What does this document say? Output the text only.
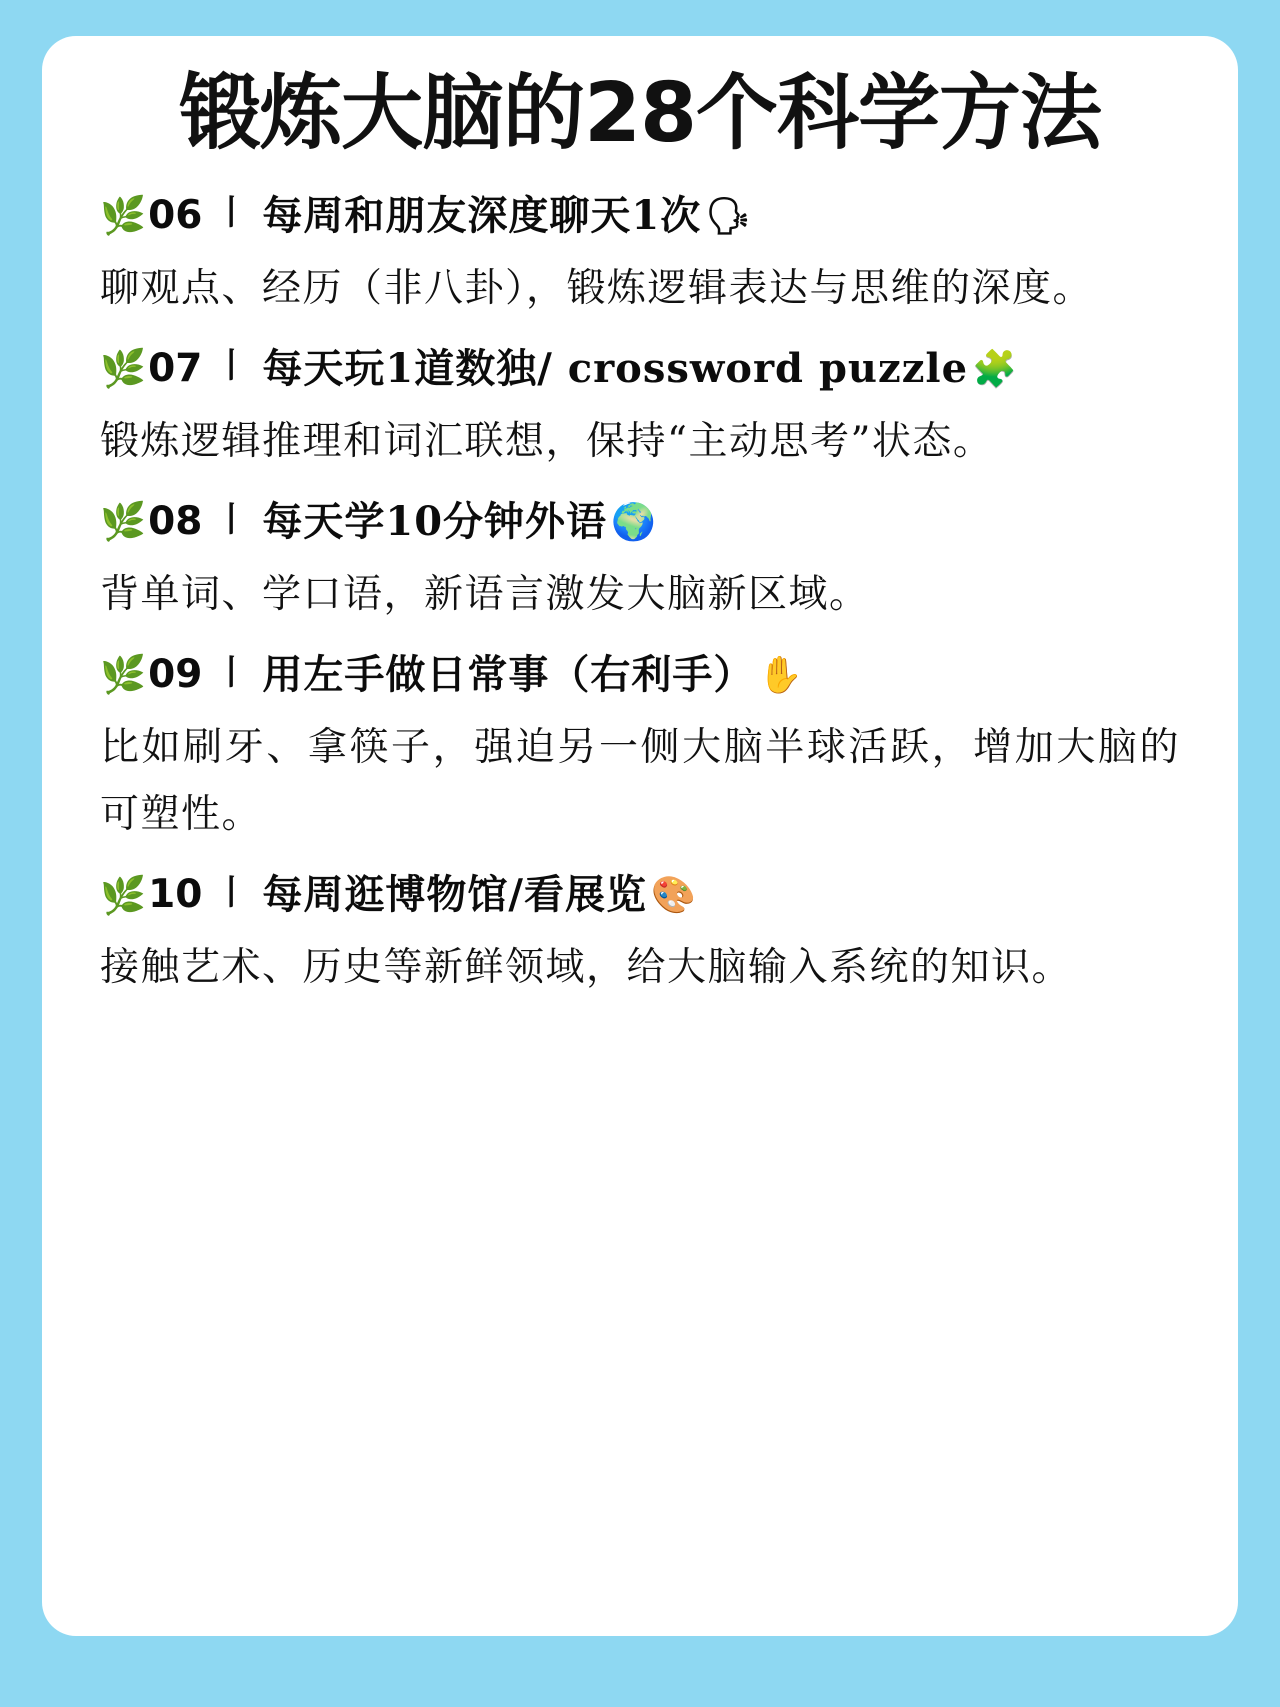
锻炼大脑的28个科学方法
🌿 06 丨 每周和朋友深度聊天1次 🗣
聊观点、经历（非八卦），锻炼逻辑表达与思维的深度。
🌿 07 丨 每天玩1道数独/ crossword puzzle 🧩
锻炼逻辑推理和词汇联想，保持“主动思考”状态。
🌿 08 丨 每天学10分钟外语 🌍
背单词、学口语，新语言激发大脑新区域。
🌿 09 丨 用左手做日常事（右利手） ✋
比如刷牙、拿筷子，强迫另一侧大脑半球活跃，增加大脑的可塑性。
🌿 10 丨 每周逛博物馆/看展览 🎨
接触艺术、历史等新鲜领域，给大脑输入系统的知识。
